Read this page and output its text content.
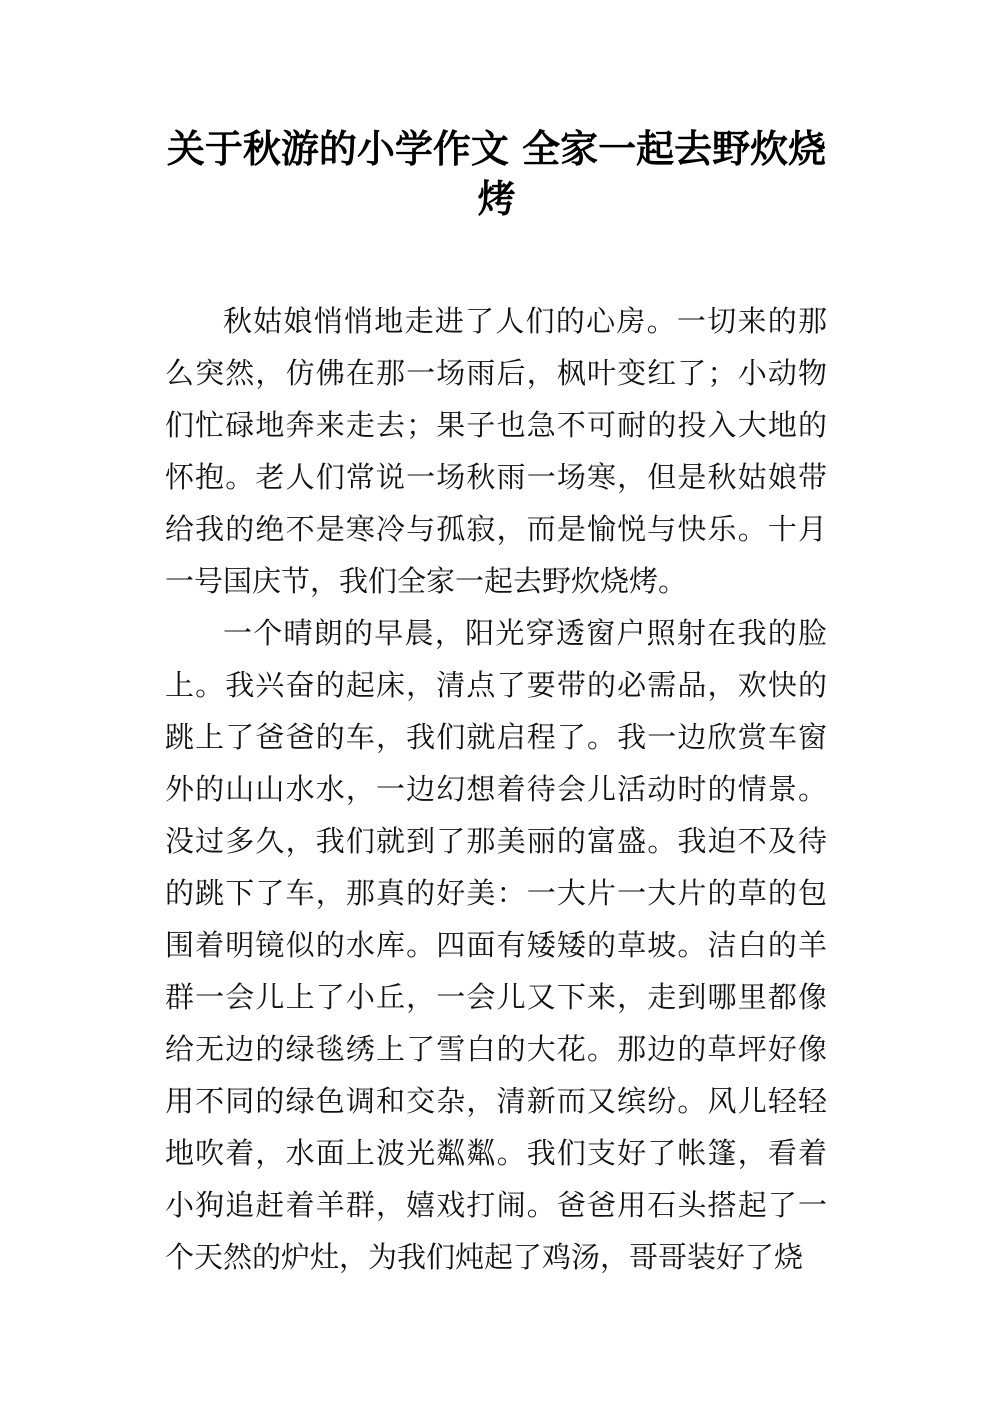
关于秋游的小学作文 全家一起去野炊烧烤

秋姑娘悄悄地走进了人们的心房。一切来的那么突然，仿佛在那一场雨后，枫叶变红了；小动物们忙碌地奔来走去；果子也急不可耐的投入大地的怀抱。老人们常说一场秋雨一场寒，但是秋姑娘带给我的绝不是寒冷与孤寂，而是愉悦与快乐。十月一号国庆节，我们全家一起去野炊烧烤。

一个晴朗的早晨，阳光穿透窗户照射在我的脸上。我兴奋的起床，清点了要带的必需品，欢快的跳上了爸爸的车，我们就启程了。我一边欣赏车窗外的山山水水，一边幻想着待会儿活动时的情景。没过多久，我们就到了那美丽的富盛。我迫不及待的跳下了车，那真的好美：一大片一大片的草的包围着明镜似的水库。四面有矮矮的草坡。洁白的羊群一会儿上了小丘，一会儿又下来，走到哪里都像给无边的绿毯绣上了雪白的大花。那边的草坪好像用不同的绿色调和交杂，清新而又缤纷。风儿轻轻地吹着，水面上波光粼粼。我们支好了帐篷，看着小狗追赶着羊群，嬉戏打闹。爸爸用石头搭起了一个天然的炉灶，为我们炖起了鸡汤，哥哥装好了烧
